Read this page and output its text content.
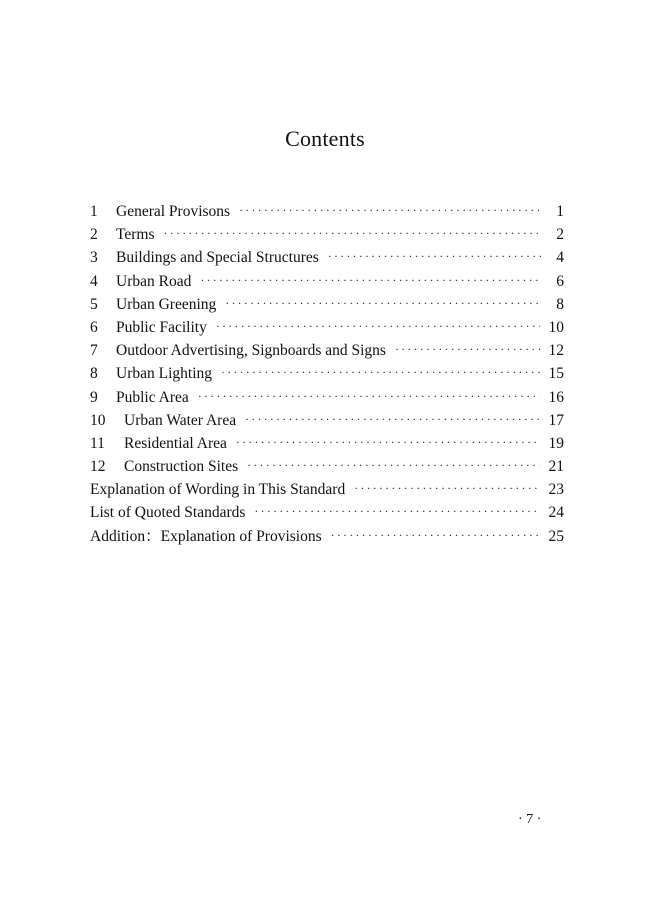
Contents
1	General Provisons ·····	1
2	Terms ·····	2
3	Buildings and Special Structures ·····	4
4	Urban Road ·····	6
5	Urban Greening ·····	8
6	Public Facility ·····	10
7	Outdoor Advertising, Signboards and Signs ·····	12
8	Urban Lighting ·····	15
9	Public Area ·····	16
10	Urban Water Area ·····	17
11	Residential Area ·····	19
12	Construction Sites ·····	21
Explanation of Wording in This Standard ·····	23
List of Quoted Standards ·····	24
Addition：Explanation of Provisions ·····	25
· 7 ·
